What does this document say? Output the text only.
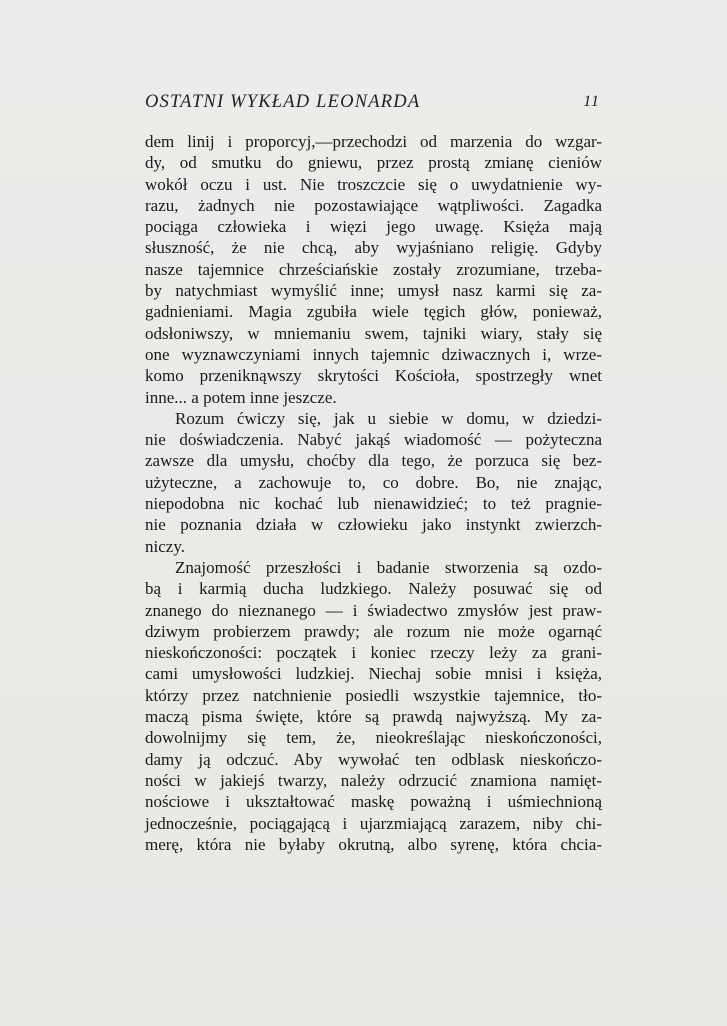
OSTATNI WYKŁAD LEONARDA	11
dem linij i proporcyj,—przechodzi od marzenia do wzgar-
dy, od smutku do gniewu, przez prostą zmianę cieniów
wokół oczu i ust. Nie troszczcie się o uwydatnienie wy-
razu, żadnych nie pozostawiające wątpliwości. Zagadka
pociąga człowieka i więzi jego uwagę. Księża mają
słuszność, że nie chcą, aby wyjaśniano religię. Gdyby
nasze tajemnice chrześciańskie zostały zrozumiane, trzeba-
by natychmiast wymyślić inne; umysł nasz karmi się za-
gadnieniami. Magia zgubiła wiele tęgich głów, ponieważ,
odsłoniwszy, w mniemaniu swem, tajniki wiary, stały się
one wyznawczyniami innych tajemnic dziwacznych i, wrze-
komo przeniknąwszy skrytości Kościoła, spostrzegły wnet
inne... a potem inne jeszcze.
Rozum ćwiczy się, jak u siebie w domu, w dziedzi-
nie doświadczenia. Nabyć jakąś wiadomość — pożyteczna
zawsze dla umysłu, choćby dla tego, że porzuca się bez-
użyteczne, a zachowuje to, co dobre. Bo, nie znając,
niepodobna nic kochać lub nienawidzieć; to też pragnie-
nie poznania działa w człowieku jako instynkt zwierzch-
niczy.
Znajomość przeszłości i badanie stworzenia są ozdo-
bą i karmią ducha ludzkiego. Należy posuwać się od
znanego do nieznanego — i świadectwo zmysłów jest praw-
dziwym probierzem prawdy; ale rozum nie może ogarnąć
nieskończoności: początek i koniec rzeczy leży za grani-
cami umysłowości ludzkiej. Niechaj sobie mnisi i księża,
którzy przez natchnienie posiedli wszystkie tajemnice, tło-
maczą pisma święte, które są prawdą najwyższą. My za-
dowolnijmy się tem, że, nieokreślając nieskończoności,
damy ją odczuć. Aby wywołać ten odblask nieskończo-
ności w jakiejś twarzy, należy odrzucić znamiona namięt-
nościowe i ukształtować maskę poważną i uśmiechnioną
jednocześnie, pociągającą i ujarzmiającą zarazem, niby chi-
merę, która nie byłaby okrutną, albo syrenę, która chcia-
